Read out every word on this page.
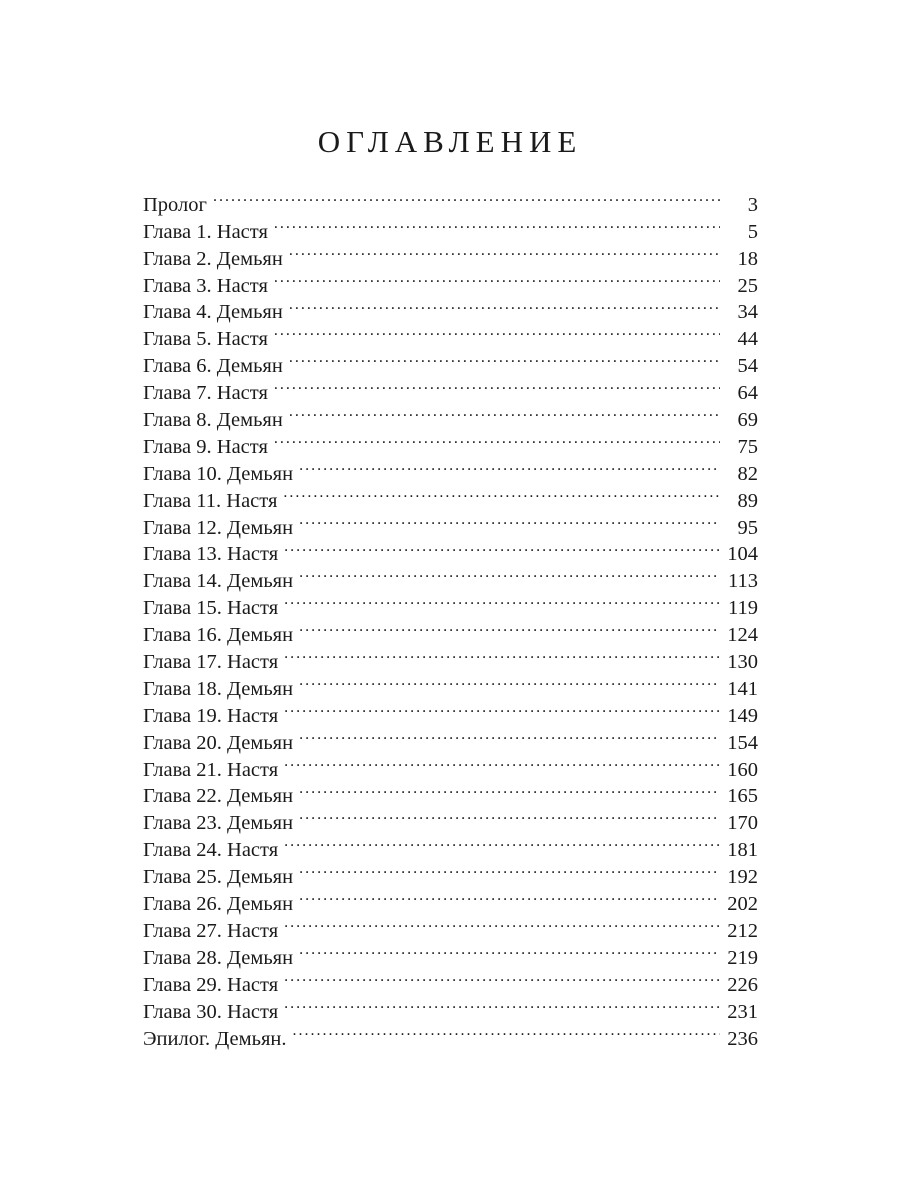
ОГЛАВЛЕНИЕ
Пролог . . .	3
Глава 1. Настя . . .	5
Глава 2. Демьян . . .	18
Глава 3. Настя . . .	25
Глава 4. Демьян . . .	34
Глава 5. Настя . . .	44
Глава 6. Демьян . . .	54
Глава 7. Настя . . .	64
Глава 8. Демьян . . .	69
Глава 9. Настя . . .	75
Глава 10. Демьян . . .	82
Глава 11. Настя . . .	89
Глава 12. Демьян . . .	95
Глава 13. Настя . . .	104
Глава 14. Демьян . . .	113
Глава 15. Настя . . .	119
Глава 16. Демьян . . .	124
Глава 17. Настя . . .	130
Глава 18. Демьян . . .	141
Глава 19. Настя . . .	149
Глава 20. Демьян . . .	154
Глава 21. Настя . . .	160
Глава 22. Демьян . . .	165
Глава 23. Демьян . . .	170
Глава 24. Настя . . .	181
Глава 25. Демьян . . .	192
Глава 26. Демьян . . .	202
Глава 27. Настя . . .	212
Глава 28. Демьян . . .	219
Глава 29. Настя . . .	226
Глава 30. Настя . . .	231
Эпилог. Демьян. . . .	236
